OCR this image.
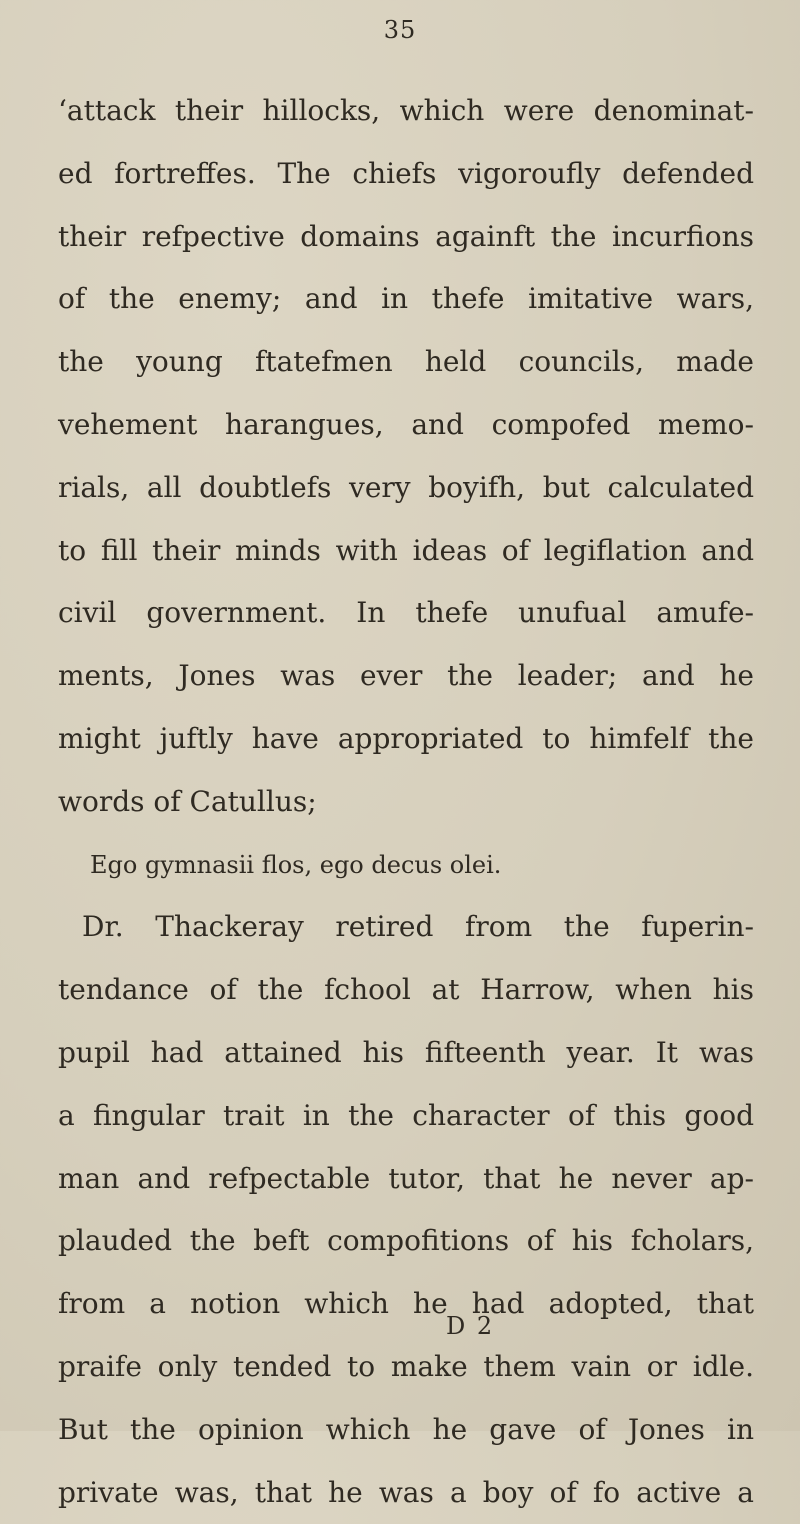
35
‘attack their hillocks, which were denominat-
ed fortreffes. The chiefs vigoroufly defended
their refpective domains againft the incurfions
of the enemy; and in thefe imitative wars,
the young ftatefmen held councils, made
vehement harangues, and compofed memo-
rials, all doubtlefs very boyifh, but calculated
to fill their minds with ideas of legiflation and
civil government. In thefe unufual amufe-
ments, Jones was ever the leader; and he
might juftly have appropriated to himfelf the
words of Catullus;
Ego gymnasii flos, ego decus olei.
Dr. Thackeray retired from the fuperin-
tendance of the fchool at Harrow, when his
pupil had attained his fifteenth year. It was
a fingular trait in the character of this good
man and refpectable tutor, that he never ap-
plauded the beft compofitions of his fcholars,
from a notion which he had adopted, that
praife only tended to make them vain or idle.
But the opinion which he gave of Jones in
private was, that he was a boy of fo active a
D 2
